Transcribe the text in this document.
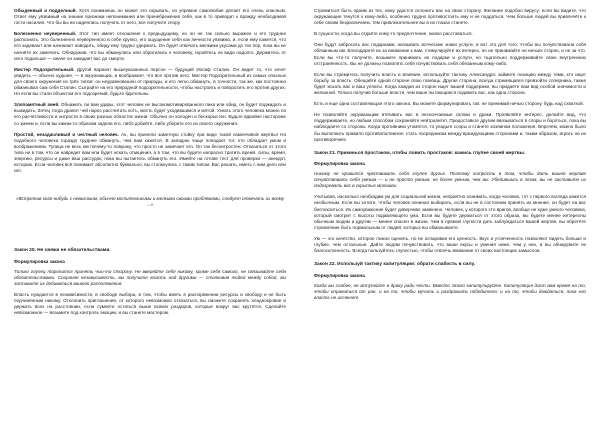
Обыденный и подделный. Хотя понимаешь он может это скрывать, но упрямое самолюбие делает его очень опасным. Ответ ему уязвимый на знание признаки непонимания или пренебрежения себя, как в то приводит к вражду необходимой гости насилия. Что бы вы ни надеялись получить от него, все получите спору.

Болезненно неуверенный. Этот тип имеет отношение к предыдущему, но он не так сильно выражен и его труднее распознать. Это болезненно неуверенного в себе хрупко, его ощущение себя как личности уязвимо, и, если ему кажется, что его задевают или начинают наводить, обиду ему трудно удержать. Он будет отвечать мелкими укусами до тех пор, пока вы не начнёте их замечать. Обнаружив, что вы обманулись или обратились к человеку, скройтесь из вида надолго. Держитесь от него подальше — иначе он закидает вас до смерти.

Мистер Подозрительный. Другой вариант вышеуказанных персон — будущий Иосиф Сталин. Он видит то, что хочет увидеть — обычно худшее, — в окружающих, и воображает, что все против него. Мистер Подозрительный из самых опасных для своего окружения из трёх типов: он неуравновешен от природы, и его легко обмануть, в точности, так же, как постоянно обманывал сам себя Сталин. Сыграйте на его природной подозрительности, чтобы настроить и поворотить его против других. Но если вы стали объектом его подозрений, будьте бдительны.

Злопамятный змей. Обнажить ли вам удары, этот человек не высокомотивированного пика или обид, он будет поджидать и выжидать. Зятец тогда драпит чей нарос рассчитать котъ, месть будет уходившимся и мятой. Узнать этого человека можно по его расчетливости и хитрости в своих разных областях жизни. Обычно он холоден и бескорыстен. Будьте вдвойне настороже со змеем и, если вы каким-то образом задели его, либо добейте, либо уберите его из своего окружения.

Простой, незадачливый и честный человек. Ах, вы приняли заметную стойку при виде такой изменчивой жертвы! Но подобного человека гораздо труднее обмануть, чем вам кажется. В западню чаще попадает тот, кто обладает умом и воображением. Тупица не весь им почему-то ловушку, что просто не замечает его. Он так бесхитростен. Отказаться от этого типа не в том, что он навредит вам или будет искать отмщения, а в том, что вы будете напрасно тратить время, силы, время, энергию, ресурсы и даже ваш рассудок, пока вы пытаетесь обмануть его. Имейте на готове тест для проверки — анекдот, историю. Если человек всё понимает абсолютно буквально, вы столкнулись с таким типом. Вас решать, иметь с ним дело или нет.

«Встретив кого-нибудь с невысоким, обычно мстительными и мелкими своими проблемами, следует отвечать их всему ...»
Закон 20. Не свяжи не обязательствами.
Формулировка закона

Только глупец торопится принять чью-то сторону. Не вверяйте себя никому, кроме себя самого, не связывайте себя обязательствами. Сохраняя независимость, вы получите власть над другими — сталкивая людей между собой, вы заставите их добиваться вашего расположения.

Власть нуждается в независимости, в свободе выбора, в том, чтобы иметь в распоряжении ресурсы и свободу и не быть подчинённым никому. Отклонить приглашение, от которого невозможно отказаться, вы сможете сохранять хладнокровие и держать всех на расстоянии, если сумеете остаться выше всяких раздоров, которые вокруг вас крутятся. Сделайте невозможное — возьмите под контроль эмоции, и вы станете мастером.

Стремиться быть одним из тех, кому удастся склонить вас на свою сторону. Желание подобно вирусу: если вы видите, что окружающие тянутся к кому-либо, особенно трудно противостоять ему и не поддаться. Чем больше людей вы привлечёте к себе своим безразличием, тем привлекательнее вы в их глазах станете.

В сущности, когда вы отдаёте кому-то предпочтение, жалко расставаться.

Они будут забросать вас подарками, оказывать всяческие знаки услуги, и вот это для того, чтобы вы почувствовали себя обязанным им. Благодарите их за внимание к вам, стимулируйте их интерес, но не принимайте ни ничьих сторон, и не за что. Если вы что-то получите, возьмите принимать их подарки и услуги, но тщательно поддерживайте свою внутреннюю отстранённость. Вы не должны позволять себя почувствовать себя обязанным кому-либо.

Если вы стремитесь получить власть и влияние, используйте тактику Александра: займите позицию между теми, кто ищет борьбу за власть. Обещайте одной стороне свою помощь. Другая сторона, всегда стремящаяся превзойти соперника, также будет искать вас и ваш уплаты. Когда каждая из сторон ищет вашей поддержки, вы придаёте вам вид особой значимости и желанной. Только получив больше власти, чем ваше пытающиеся подавить вас, как одна сторона.

Есть и еще одна составляющая этого закона. Вы можете формулировать так: не принимай ничью сторону, будь над схваткой.

Не позволяйте окружающим втягивать вас в нескончаемые склоки и драки. Проявляйте интерес, делайте вид, что поддерживаете, но любым способом сохраняйте нейтралитет. Предоставьте другим ввязываться в споры и бороться, пока вы наблюдаете со стороны. Когда противники утомятся, то уладьте ссоры и станете хозяином положения. Впрочем, можно было бы выполнить правило противоположное: стать посредником между враждующими сторонами и, таким образом, играть на их противоречиях.

Закон 21. Прикинься простаком, чтобы ловить простаков: кажись глупее своей жертвы.
Формулировка закона

Никому не нравится чувствовать себя глупее других. Поэтому хитрость в том, чтобы дать вашей жертве почувствовать себя умным — и не просто умным, но более умным, чем вы. Убедившись в этом, вы не заставите их подозревать вас в скрытых мотивах.

Учитывая, насколько необходим ум для социальной жизни, неприятно понимать, когда человек, тот с первого взгляда кажется необычным. Если вы хотите, чтобы человек начинал выбирать, если вы не в состоянии принять их мнение, он будет на вас беспокоиться. Их самоуважение будет доверчиво заменено. Человек, у которого сто врагов, вообще не хуже умного человека, который смотрит с высоты подавляющего ума. Если вы будете держаться от этого образа, вы будете менее интересны обычным людям и другим — менее опасен в жизни. Чем в прямой глупости дать заблуждаться вашей жертве, вы обретёте стремление быть нормальным от людей, которых вы обманываете.

Ум — это качество, которое ложно оценить, но не оспаривая его ценность. Вкус и утонченность позволяют видеть больше и глубже, чем остальные. Дайте людям почувствовать, что ваши вкусы и умения ниже, чем у них, и вы обнаружите их благосклонность. Всегда пользуйтесь глупостью, чтобы отвлечь внимание от своих настоящих замыслов.

Закон 22. Используй тактику капитуляции: обрати слабость в силу.
Формулировка закона

Когда вы слабее, не вступайте в драку ради чести. Вместо этого капитулируйте. Капитуляция даст вам время на то, чтобы оправиться от ран, и на то, чтобы мучить и раздражать победителя, и на то, чтобы дождаться, пока его власть не иссякнет.
